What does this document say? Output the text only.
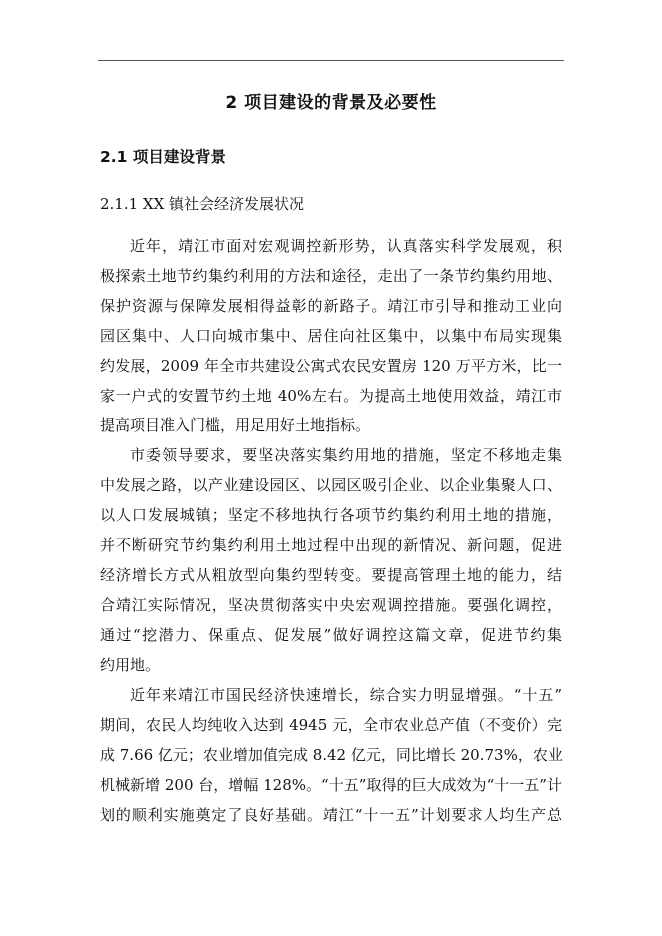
2 项目建设的背景及必要性
2.1 项目建设背景
2.1.1 XX 镇社会经济发展状况
近年，靖江市面对宏观调控新形势，认真落实科学发展观，积
极探索土地节约集约利用的方法和途径，走出了一条节约集约用地、
保护资源与保障发展相得益彰的新路子。靖江市引导和推动工业向
园区集中、人口向城市集中、居住向社区集中，以集中布局实现集
约发展，2009 年全市共建设公寓式农民安置房 120 万平方米，比一
家一户式的安置节约土地 40%左右。为提高土地使用效益，靖江市
提高项目准入门槛，用足用好土地指标。
市委领导要求，要坚决落实集约用地的措施，坚定不移地走集
中发展之路，以产业建设园区、以园区吸引企业、以企业集聚人口、
以人口发展城镇；坚定不移地执行各项节约集约利用土地的措施，
并不断研究节约集约利用土地过程中出现的新情况、新问题，促进
经济增长方式从粗放型向集约型转变。要提高管理土地的能力，结
合靖江实际情况，坚决贯彻落实中央宏观调控措施。要强化调控，
通过“挖潜力、保重点、促发展”做好调控这篇文章，促进节约集
约用地。
近年来靖江市国民经济快速增长，综合实力明显增强。“十五”
期间，农民人均纯收入达到 4945 元，全市农业总产值（不变价）完
成 7.66 亿元；农业增加值完成 8.42 亿元，同比增长 20.73%，农业
机械新增 200 台，增幅 128%。“十五”取得的巨大成效为“十一五”计
划的顺利实施奠定了良好基础。靖江“十一五”计划要求人均生产总
